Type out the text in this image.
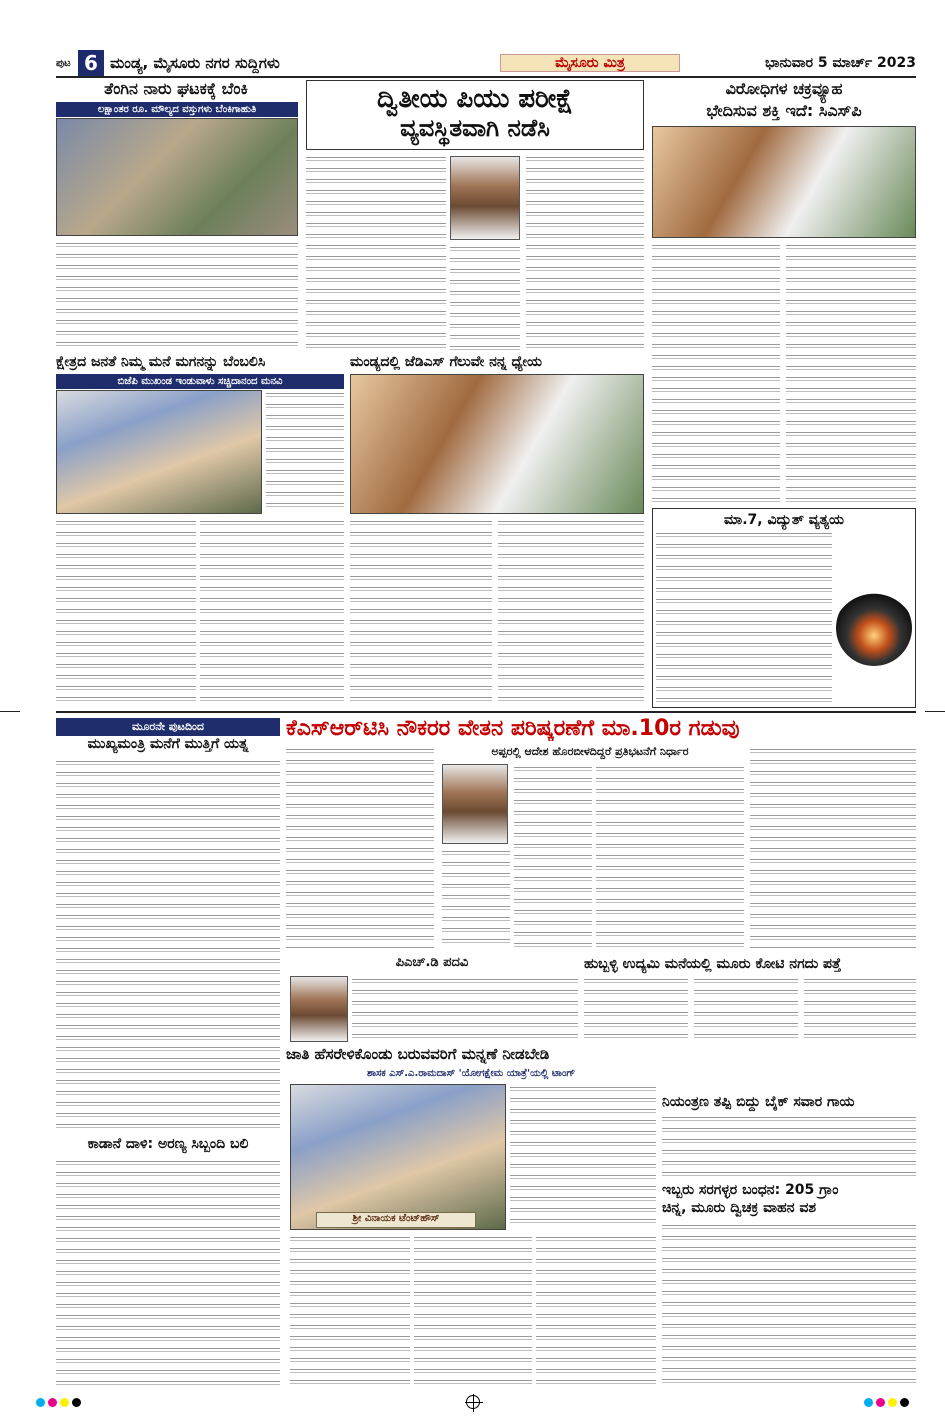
ಪುಟ 6 ಮಂಡ್ಯ, ಮೈಸೂರು ನಗರ ಸುದ್ದಿಗಳು	ಮೈಸೂರು ಮಿತ್ರ	ಭಾನುವಾರ 5 ಮಾರ್ಚ್ 2023
ತೆಂಗಿನ ನಾರು ಘಟಕಕ್ಕೆ ಬೆಂಕಿ
ಲಕ್ಷಾಂತರ ರೂ. ಮೌಲ್ಯದ ವಸ್ತುಗಳು ಬೆಂಕಿಗಾಹುತಿ	ದ್ವಿತೀಯ ಪಿಯು ಪರೀಕ್ಷೆ
ವ್ಯವಸ್ಥಿತವಾಗಿ ನಡೆಸಿ
ವಿರೋಧಿಗಳ ಚಕ್ರವ್ಯೂಹ
ಭೇದಿಸುವ ಶಕ್ತಿ ಇದೆ: ಸಿಎಸ್‌ಪಿ
ಕ್ಷೇತ್ರದ ಜನತೆ ನಿಮ್ಮ ಮನೆ ಮಗನನ್ನು ಬೆಂಬಲಿಸಿ
ಬಿಜೆಪಿ ಮುಖಂಡ ಇಂಡುವಾಳು ಸಚ್ಚಿದಾನಂದ ಮನವಿ
ಮಂಡ್ಯದಲ್ಲಿ ಜೆಡಿಎಸ್ ಗೆಲುವೇ ನನ್ನ ಧ್ಯೇಯ
ಮಾ.7, ವಿದ್ಯುತ್ ವ್ಯತ್ಯಯ
ಮೂರನೇ ಪುಟದಿಂದ
ಮುಖ್ಯಮಂತ್ರಿ ಮನೆಗೆ ಮುತ್ತಿಗೆ ಯತ್ನ
ಕಾಡಾನೆ ದಾಳಿ: ಅರಣ್ಯ ಸಿಬ್ಬಂದಿ ಬಲಿ
ಕೆಎಸ್‌ಆರ್‌ಟಿಸಿ ನೌಕರರ ವೇತನ ಪರಿಷ್ಕರಣೆಗೆ ಮಾ.10ರ ಗಡುವು
ಅಪ್ಪರಲ್ಲಿ ಆದೇಶ ಹೊರಬೀಳದಿದ್ದರೆ ಪ್ರತಿಭಟನೆಗೆ ನಿರ್ಧಾರ
ಪಿಎಚ್‌.ಡಿ ಪದವಿ	ಹುಬ್ಬಳ್ಳಿ ಉದ್ಯಮಿ ಮನೆಯಲ್ಲಿ ಮೂರು ಕೋಟಿ ನಗದು ಪತ್ತೆ
ಜಾತಿ ಹೆಸರೇಳಿಕೊಂಡು ಬರುವವರಿಗೆ ಮನ್ನಣೆ ನೀಡಬೇಡಿ
ಶಾಸಕ ಎಸ್.ಎ.ರಾಮದಾಸ್ 'ಯೋಗಕ್ಷೇಮ ಯಾತ್ರೆ'ಯಲ್ಲಿ ಟಾಂಗ್
ಶ್ರೀ ವಿನಾಯಕ ಟೆಂಟ್‌ಹೌಸ್
ನಿಯಂತ್ರಣ ತಪ್ಪಿ ಬಿದ್ದು ಬೈಕ್ ಸವಾರ ಗಾಯ
ಇಬ್ಬರು ಸರಗಳ್ಳರ ಬಂಧನ: 205 ಗ್ರಾಂ
ಚಿನ್ನ, ಮೂರು ದ್ವಿಚಕ್ರ ವಾಹನ ವಶ
